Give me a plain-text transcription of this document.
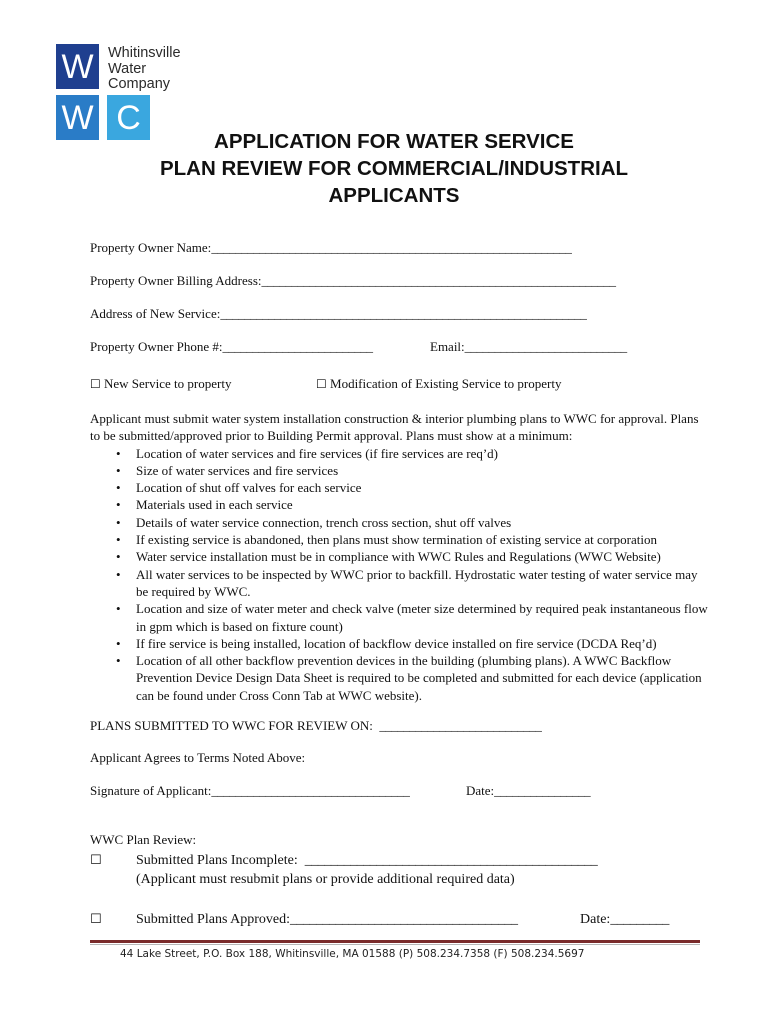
W
W C
Whitinsville
Water
Company
APPLICATION FOR WATER SERVICE
PLAN REVIEW FOR COMMERCIAL/INDUSTRIAL
APPLICANTS
Property Owner Name:____________________________________________________________
Property Owner Billing Address:___________________________________________________________
Address of New Service:_____________________________________________________________
Property Owner Phone #:_________________________	Email:___________________________
☐ New Service to property	☐ Modification of Existing Service to property

Applicant must submit water system installation construction & interior plumbing plans to WWC for approval. Plans to be submitted/approved prior to Building Permit approval. Plans must show at a minimum:

• Location of water services and fire services (if fire services are req’d)
• Size of water services and fire services
• Location of shut off valves for each service
• Materials used in each service
• Details of water service connection, trench cross section, shut off valves
• If existing service is abandoned, then plans must show termination of existing service at corporation
• Water service installation must be in compliance with WWC Rules and Regulations (WWC Website)
• All water services to be inspected by WWC prior to backfill. Hydrostatic water testing of water service may be required by WWC.
• Location and size of water meter and check valve (meter size determined by required peak instantaneous flow in gpm which is based on fixture count)
• If fire service is being installed, location of backflow device installed on fire service (DCDA Req’d)
• Location of all other backflow prevention devices in the building (plumbing plans). A WWC Backflow Prevention Device Design Data Sheet is required to be completed and submitted for each device (application can be found under Cross Conn Tab at WWC website).
PLANS SUBMITTED TO WWC FOR REVIEW ON: ___________________________
Applicant Agrees to Terms Noted Above:
Signature of Applicant:_________________________________	Date:________________
WWC Plan Review:
☐ Submitted Plans Incomplete: _____________________________________________
(Applicant must resubmit plans or provide additional required data)
☐ Submitted Plans Approved:___________________________________	Date:_________
44 Lake Street, P.O. Box 188, Whitinsville, MA 01588 (P) 508.234.7358 (F) 508.234.5697
